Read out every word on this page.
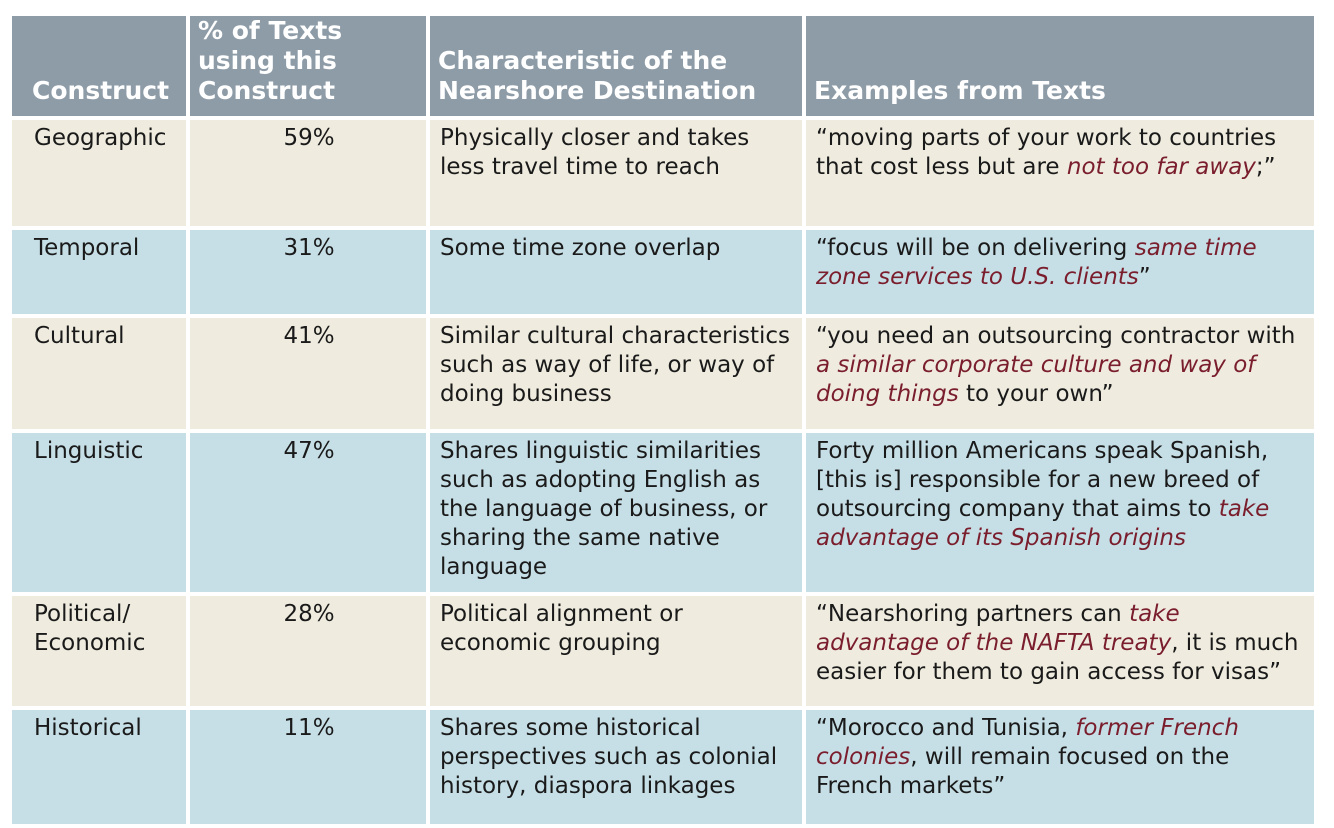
Construct	% of Texts using this Construct	Characteristic of the Nearshore Destination	Examples from Texts
Geographic	59%	Physically closer and takes less travel time to reach	“moving parts of your work to countries that cost less but are not too far away;”
Temporal	31%	Some time zone overlap	“focus will be on delivering same time zone services to U.S. clients”
Cultural	41%	Similar cultural characteristics such as way of life, or way of doing business	“you need an outsourcing contractor with a similar corporate culture and way of doing things to your own”
Linguistic	47%	Shares linguistic similarities such as adopting English as the language of business, or sharing the same native language	Forty million Americans speak Spanish, [this is] responsible for a new breed of outsourcing company that aims to take advantage of its Spanish origins
Political/ Economic	28%	Political alignment or economic grouping	“Nearshoring partners can take advantage of the NAFTA treaty, it is much easier for them to gain access for visas”
Historical	11%	Shares some historical perspectives such as colonial history, diaspora linkages	“Morocco and Tunisia, former French colonies, will remain focused on the French markets”
